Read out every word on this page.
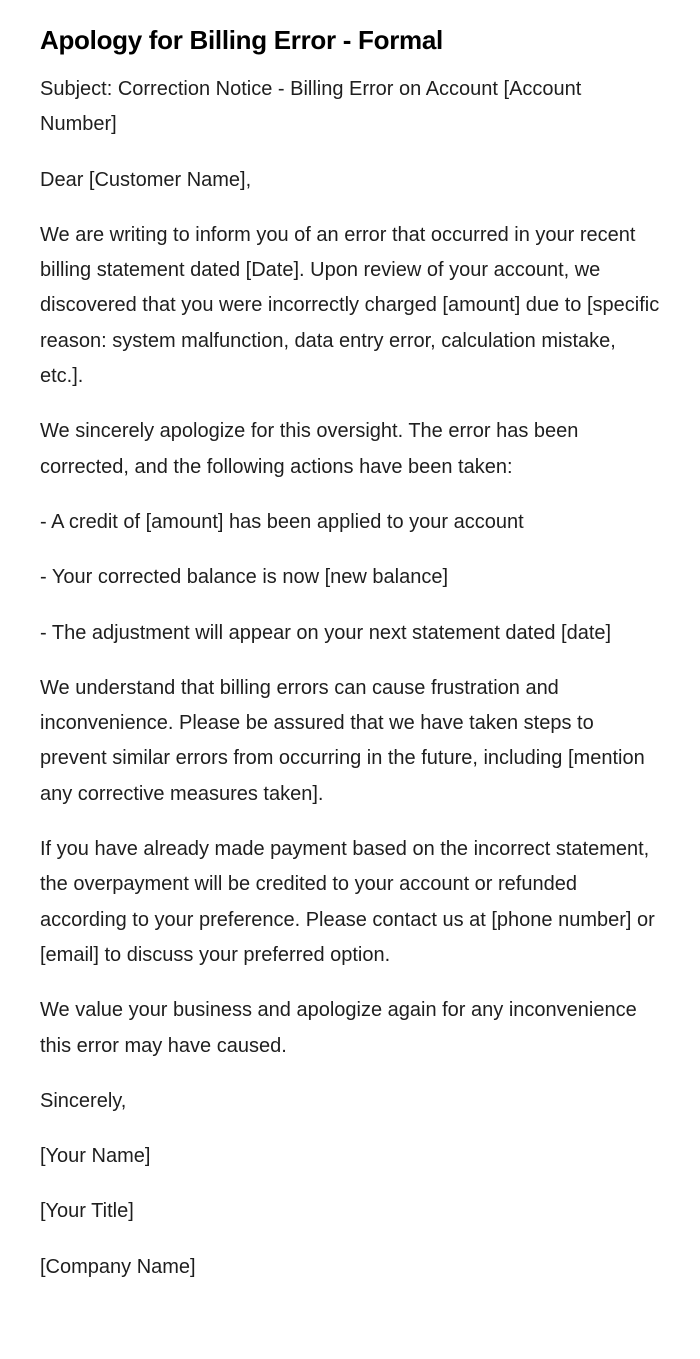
Apology for Billing Error - Formal

Subject: Correction Notice - Billing Error on Account [Account Number]

Dear [Customer Name],

We are writing to inform you of an error that occurred in your recent billing statement dated [Date]. Upon review of your account, we discovered that you were incorrectly charged [amount] due to [specific reason: system malfunction, data entry error, calculation mistake, etc.].

We sincerely apologize for this oversight. The error has been corrected, and the following actions have been taken:

- A credit of [amount] has been applied to your account

- Your corrected balance is now [new balance]

- The adjustment will appear on your next statement dated [date]

We understand that billing errors can cause frustration and inconvenience. Please be assured that we have taken steps to prevent similar errors from occurring in the future, including [mention any corrective measures taken].

If you have already made payment based on the incorrect statement, the overpayment will be credited to your account or refunded according to your preference. Please contact us at [phone number] or [email] to discuss your preferred option.

We value your business and apologize again for any inconvenience this error may have caused.

Sincerely,

[Your Name]

[Your Title]

[Company Name]
